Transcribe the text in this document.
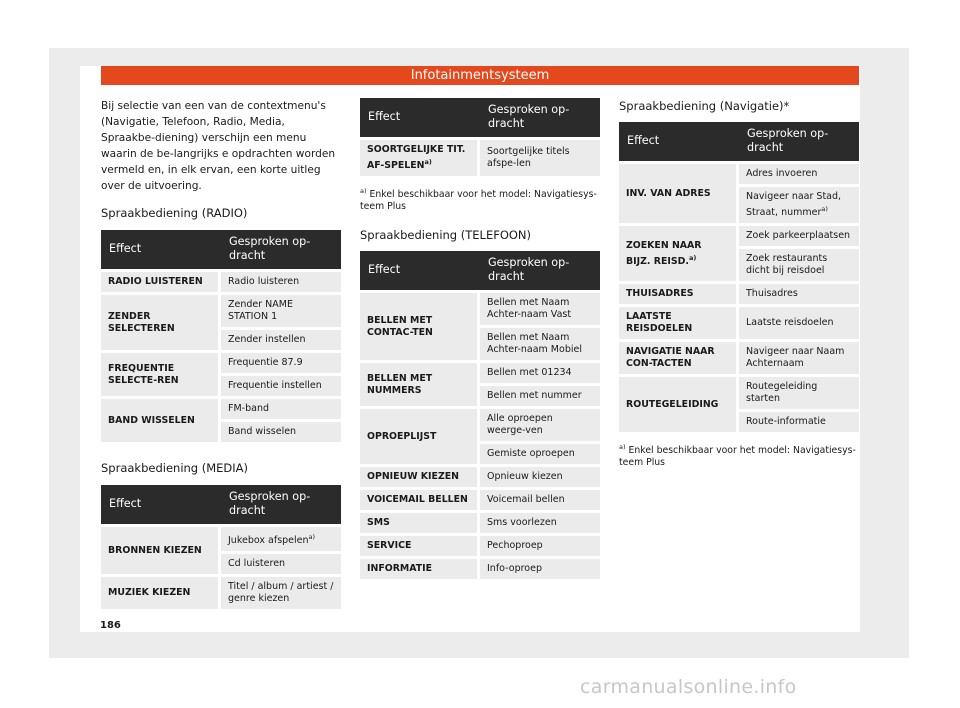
Infotainmentsysteem

Bij selectie van een van de contextmenu's (Navigatie, Telefoon, Radio, Media, Spraakbe-diening) verschijn een menu waarin de be-langrijks e opdrachten worden vermeld en, in elk ervan, een korte uitleg over de uitvoering.

Spraakbediening (RADIO)
Effect	Gesproken op-dracht
RADIO LUISTEREN	Radio luisteren
ZENDER SELECTEREN	Zender NAME STATION 1
	Zender instellen
FREQUENTIE SELECTE-REN	Frequentie 87.9
	Frequentie instellen
BAND WISSELEN	FM-band
	Band wisselen
Spraakbediening (MEDIA)
Effect	Gesproken op-dracht
BRONNEN KIEZEN	Jukebox afspelen$^{a)}$
	Cd luisteren
MUZIEK KIEZEN	Titel / album / artiest / genre kiezen
Effect	Gesproken op-dracht
SOORTGELIJKE TIT. AF-SPELEN$^{a)}$	Soortgelijke titels afspe-len

$^{a)}$ Enkel beschikbaar voor het model: Navigatiesys-teem Plus

Spraakbediening (TELEFOON)
Effect	Gesproken op-dracht
BELLEN MET CONTAC-TEN	Bellen met Naam Achter-naam Vast
	Bellen met Naam Achter-naam Mobiel
BELLEN MET NUMMERS	Bellen met 01234
	Bellen met nummer
OPROEPLIJST	Alle oproepen weerge-ven
	Gemiste oproepen
OPNIEUW KIEZEN	Opnieuw kiezen
VOICEMAIL BELLEN	Voicemail bellen
SMS	Sms voorlezen
SERVICE	Pechoproep
INFORMATIE	Info-oproep
Spraakbediening (Navigatie)*
Effect	Gesproken op-dracht
INV. VAN ADRES	Adres invoeren
	Navigeer naar Stad, Straat, nummer$^{a)}$
ZOEKEN NAAR BIJZ. REISD.$^{a)}$	Zoek parkeerplaatsen
	Zoek restaurants dicht bij reisdoel
THUISADRES	Thuisadres
LAATSTE REISDOELEN	Laatste reisdoelen
NAVIGATIE NAAR CON-TACTEN	Navigeer naar Naam Achternaam
ROUTEGELEIDING	Routegeleiding starten
	Route-informatie

$^{a)}$ Enkel beschikbaar voor het model: Navigatiesys-teem Plus

186
carmanualsonline.info
